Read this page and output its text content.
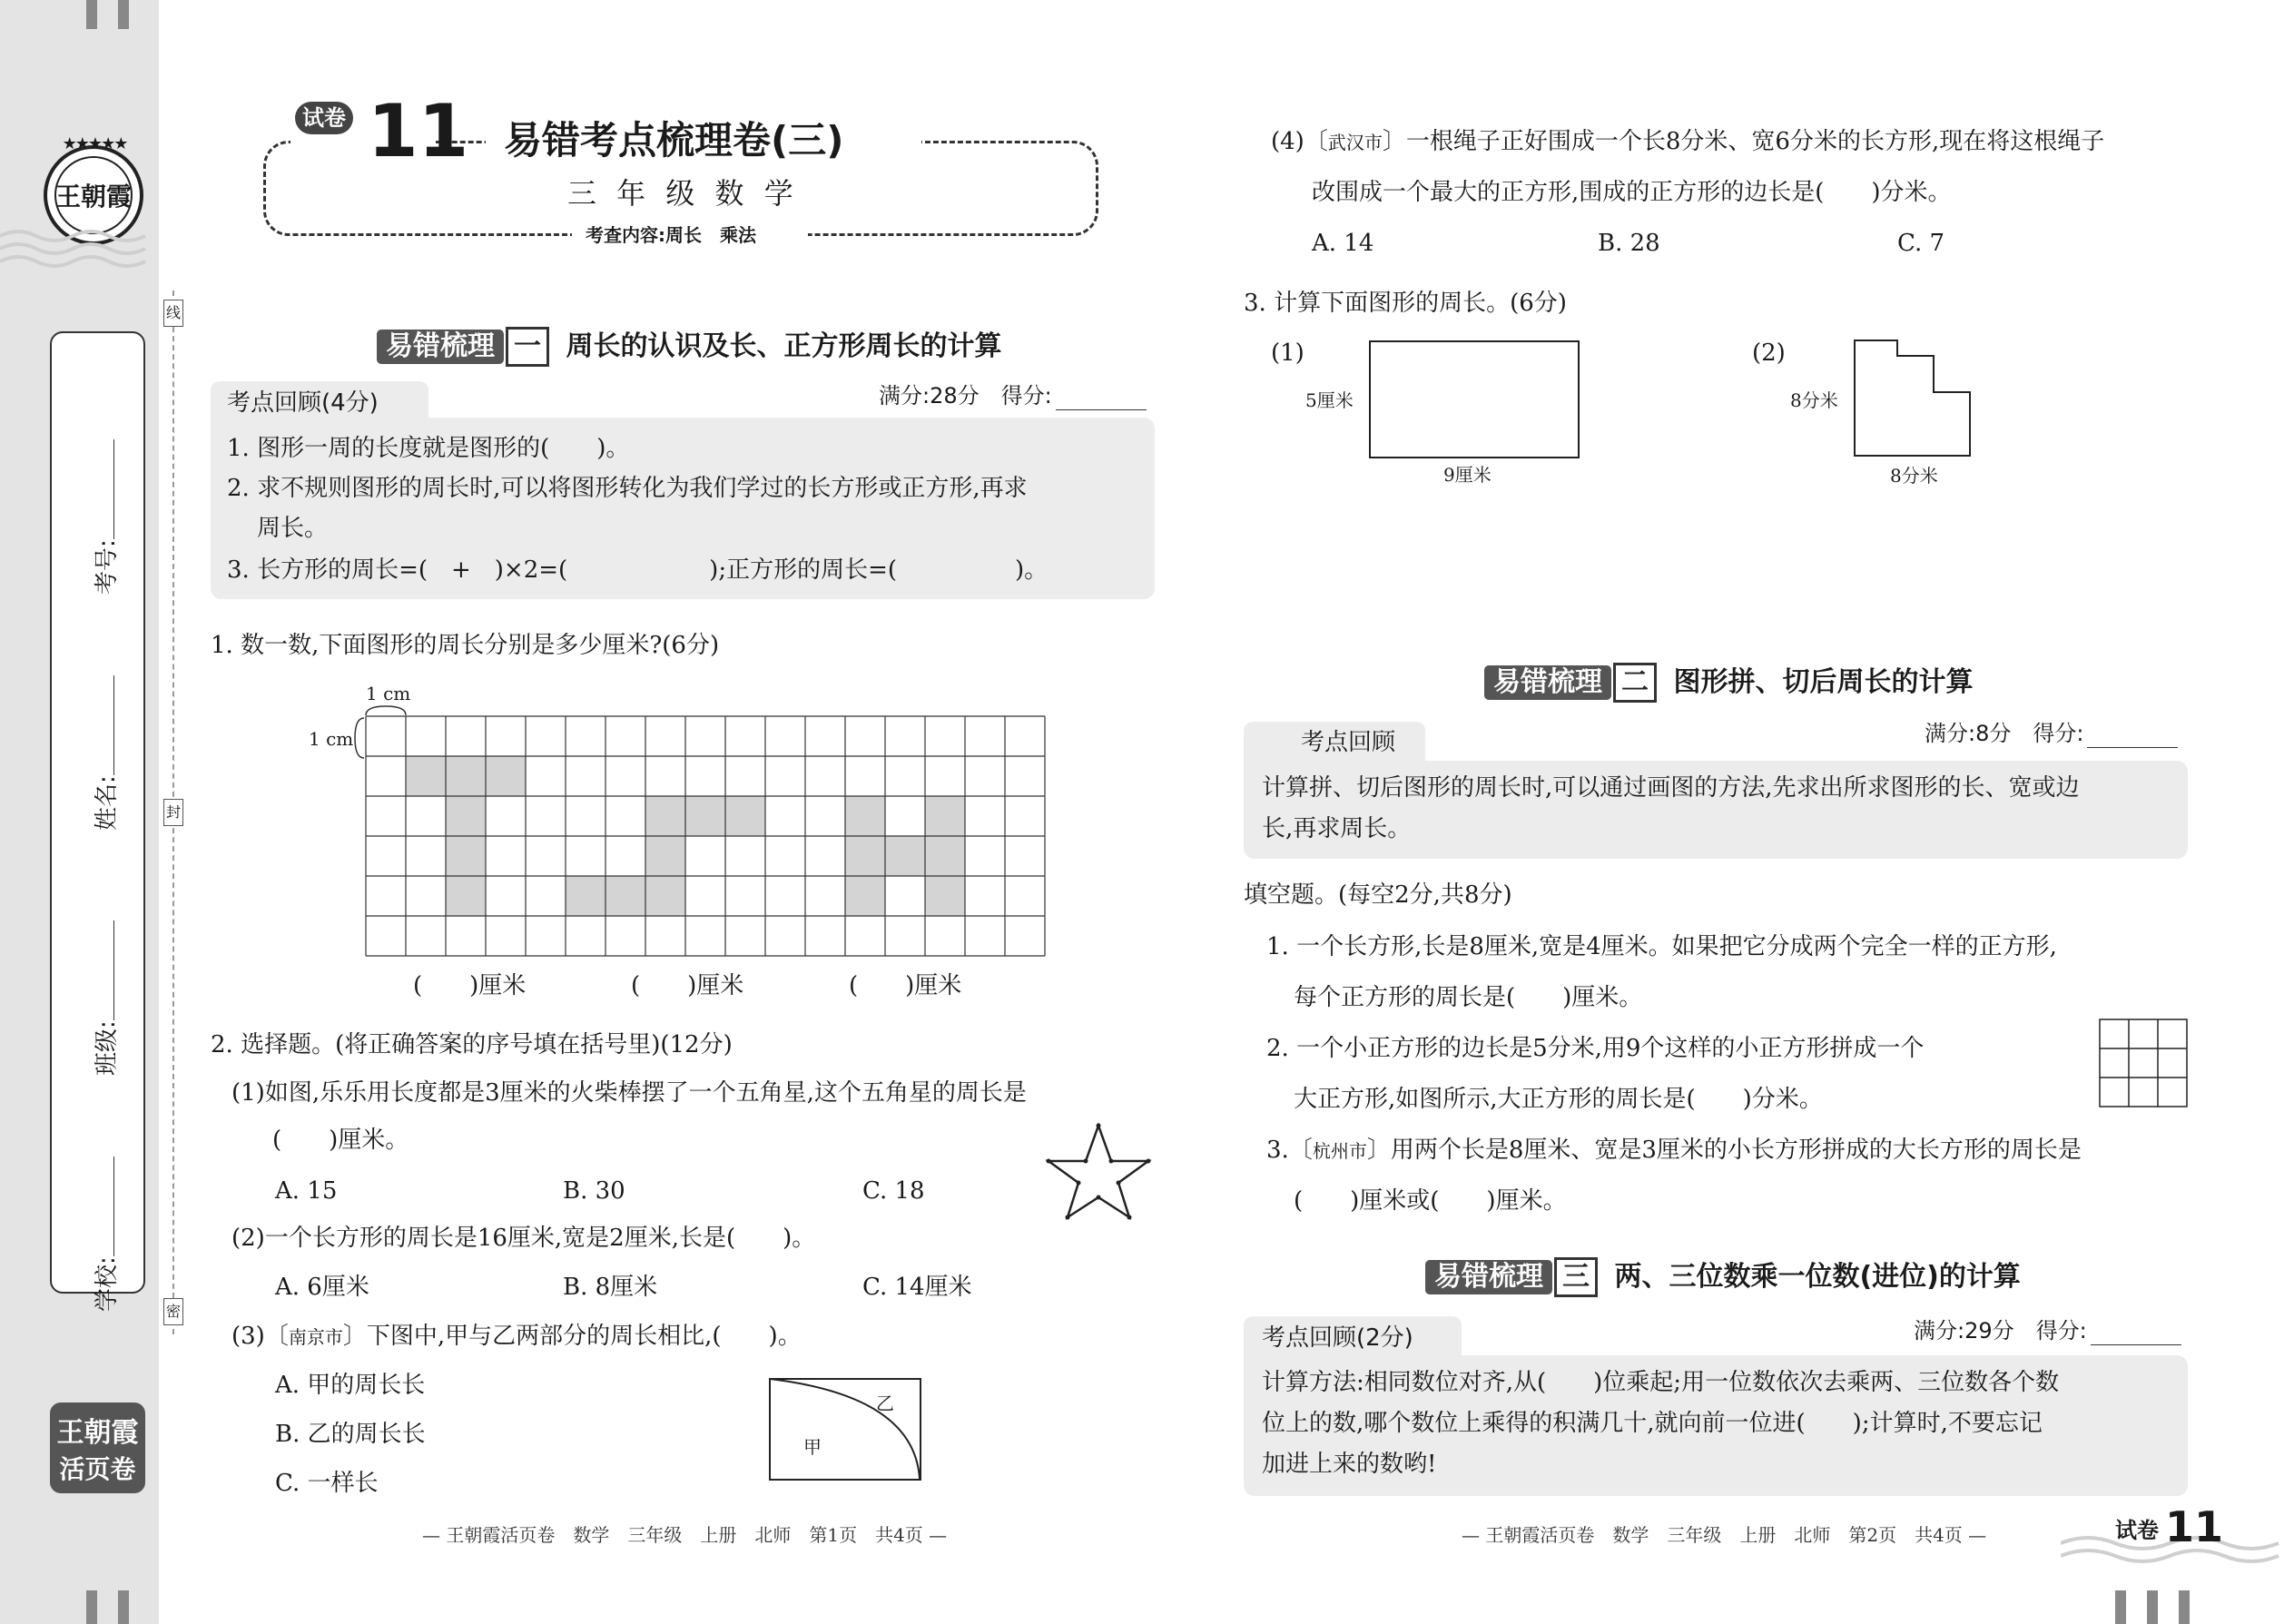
王朝霞
★★★★★
考号:
姓名:
班级:
学校:
线
封
密
王朝霞
活页卷
试卷 11 易错考点梳理卷(三)
三 年 级 数 学
考查内容:周长　乘法
易错梳理 一 周长的认识及长、正方形周长的计算
考点回顾(4分)	满分:28分　得分:
1. 图形一周的长度就是图形的(　　)。
2. 求不规则图形的周长时,可以将图形转化为我们学过的长方形或正方形,再求
周长。
3. 长方形的周长=(　+　)×2=(　　　　　　);正方形的周长=(　　　　　)。
1. 数一数,下面图形的周长分别是多少厘米?(6分)
1 cm
1 cm
(　　)厘米	(　　)厘米	(　　)厘米
2. 选择题。(将正确答案的序号填在括号里)(12分)
(1)如图,乐乐用长度都是3厘米的火柴棒摆了一个五角星,这个五角星的周长是
(　　)厘米。
A. 15	B. 30	C. 18
(2)一个长方形的周长是16厘米,宽是2厘米,长是(　　)。
A. 6厘米	B. 8厘米	C. 14厘米
(3)〔南京市〕下图中,甲与乙两部分的周长相比,(　　)。
A. 甲的周长长
B. 乙的周长长
C. 一样长
甲
乙
— 王朝霞活页卷　数学　三年级　上册　北师　第1页　共4页 —
(4)〔武汉市〕一根绳子正好围成一个长8分米、宽6分米的长方形,现在将这根绳子
改围成一个最大的正方形,围成的正方形的边长是(　　)分米。
A. 14	B. 28	C. 7
3. 计算下面图形的周长。(6分)
(1)
5厘米
9厘米
(2)
8分米
8分米
易错梳理 二 图形拼、切后周长的计算
考点回顾	满分:8分　得分:
计算拼、切后图形的周长时,可以通过画图的方法,先求出所求图形的长、宽或边
长,再求周长。
填空题。(每空2分,共8分)
1. 一个长方形,长是8厘米,宽是4厘米。如果把它分成两个完全一样的正方形,
每个正方形的周长是(　　)厘米。
2. 一个小正方形的边长是5分米,用9个这样的小正方形拼成一个
大正方形,如图所示,大正方形的周长是(　　)分米。
3.〔杭州市〕用两个长是8厘米、宽是3厘米的小长方形拼成的大长方形的周长是
(　　)厘米或(　　)厘米。
易错梳理 三 两、三位数乘一位数(进位)的计算
考点回顾(2分)	满分:29分　得分:
计算方法:相同数位对齐,从(　　)位乘起;用一位数依次去乘两、三位数各个数
位上的数,哪个数位上乘得的积满几十,就向前一位进(　　);计算时,不要忘记
加进上来的数哟!
— 王朝霞活页卷　数学　三年级　上册　北师　第2页　共4页 —	试卷 11
